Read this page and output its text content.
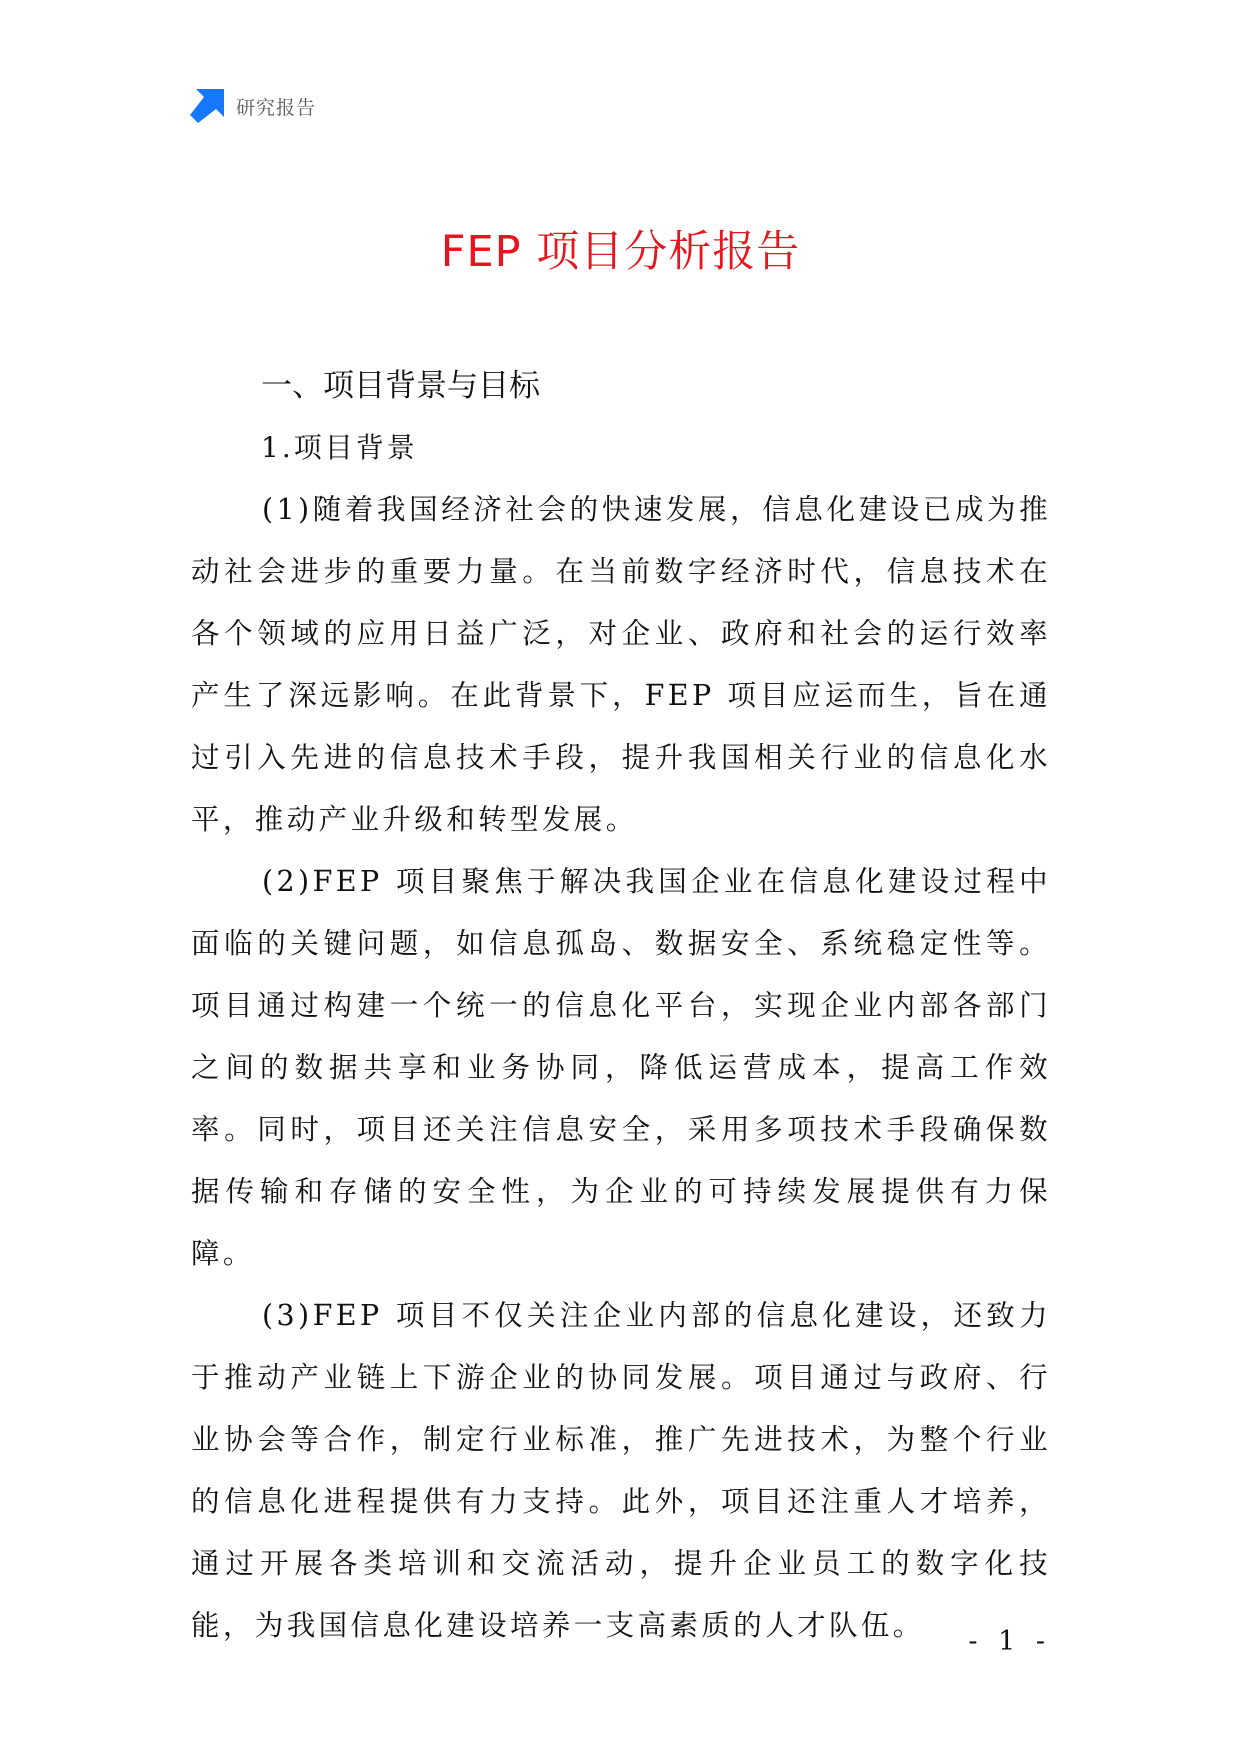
研究报告
FEP 项目分析报告
一、项目背景与目标
1.项目背景

(1)随着我国经济社会的快速发展，信息化建设已成为推动社会进步的重要力量。在当前数字经济时代，信息技术在各个领域的应用日益广泛，对企业、政府和社会的运行效率产生了深远影响。在此背景下，FEP 项目应运而生，旨在通过引入先进的信息技术手段，提升我国相关行业的信息化水平，推动产业升级和转型发展。

(2)FEP 项目聚焦于解决我国企业在信息化建设过程中面临的关键问题，如信息孤岛、数据安全、系统稳定性等。项目通过构建一个统一的信息化平台，实现企业内部各部门之间的数据共享和业务协同，降低运营成本，提高工作效率。同时，项目还关注信息安全，采用多项技术手段确保数据传输和存储的安全性，为企业的可持续发展提供有力保障。

(3)FEP 项目不仅关注企业内部的信息化建设，还致力于推动产业链上下游企业的协同发展。项目通过与政府、行业协会等合作，制定行业标准，推广先进技术，为整个行业的信息化进程提供有力支持。此外，项目还注重人才培养，通过开展各类培训和交流活动，提升企业员工的数字化技能，为我国信息化建设培养一支高素质的人才队伍。	- 1 -
